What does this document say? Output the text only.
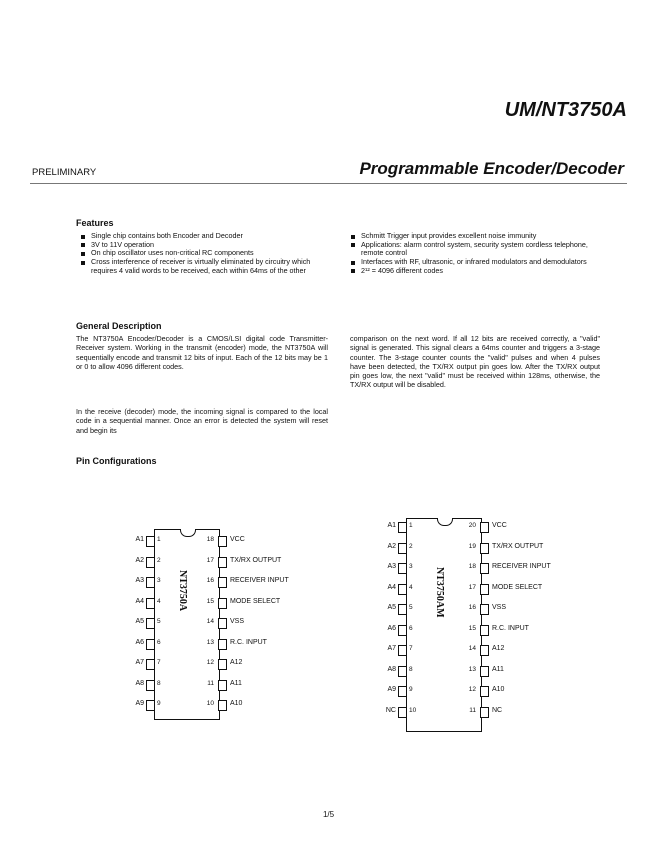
UM/NT3750A
PRELIMINARY	Programmable Encoder/Decoder
Features
Single chip contains both Encoder and Decoder
3V to 11V operation
On chip oscillator uses non-critical RC components
Cross interference of receiver is virtually eliminated by circuitry which requires 4 valid words to be received, each within 64ms of the other
Schmitt Trigger input provides excellent noise immunity
Applications: alarm control system, security system cordless telephone, remote control
Interfaces with RF, ultrasonic, or infrared modulators and demodulators
2¹² = 4096 different codes
General Description

The NT3750A Encoder/Decoder is a CMOS/LSI digital code Transmitter-Receiver system. Working in the transmit (encoder) mode, the NT3750A will sequentially encode and transmit 12 bits of input. Each of the 12 bits may be 1 or 0 to allow 4096 different codes.

In the receive (decoder) mode, the incoming signal is compared to the local code in a sequential manner. Once an error is detected the system will reset and begin its

comparison on the next word. If all 12 bits are received correctly, a "valid" signal is generated. This signal clears a 64ms counter and triggers a 3-stage counter. The 3-stage counter counts the "valid" pulses and when 4 pulses have been detected, the TX/RX output pin goes low. After the TX/RX output pin goes low, the next "valid" must be received within 128ms, otherwise, the TX/RX output will be disabled.

Pin Configurations
NT3750A
A1 1
A2 2
A3 3
A4 4
A5 5
A6 6
A7 7
A8 8
A9 9
VCC
18
TX/RX OUTPUT
17
RECEIVER INPUT
16
MODE SELECT
15
VSS
14
R.C. INPUT
13
A12
12
A11
11
A10
10
NT3750AM
A1 1
A2 2
A3 3
A4 4
A5 5
A6 6
A7 7
A8 8
A9 9
NC 10
VCC
20
TX/RX OUTPUT
19
RECEIVER INPUT
18
MODE SELECT
17
VSS
16
R.C. INPUT
15
A12
14
A11
13
A10
12
NC
11
1/5
